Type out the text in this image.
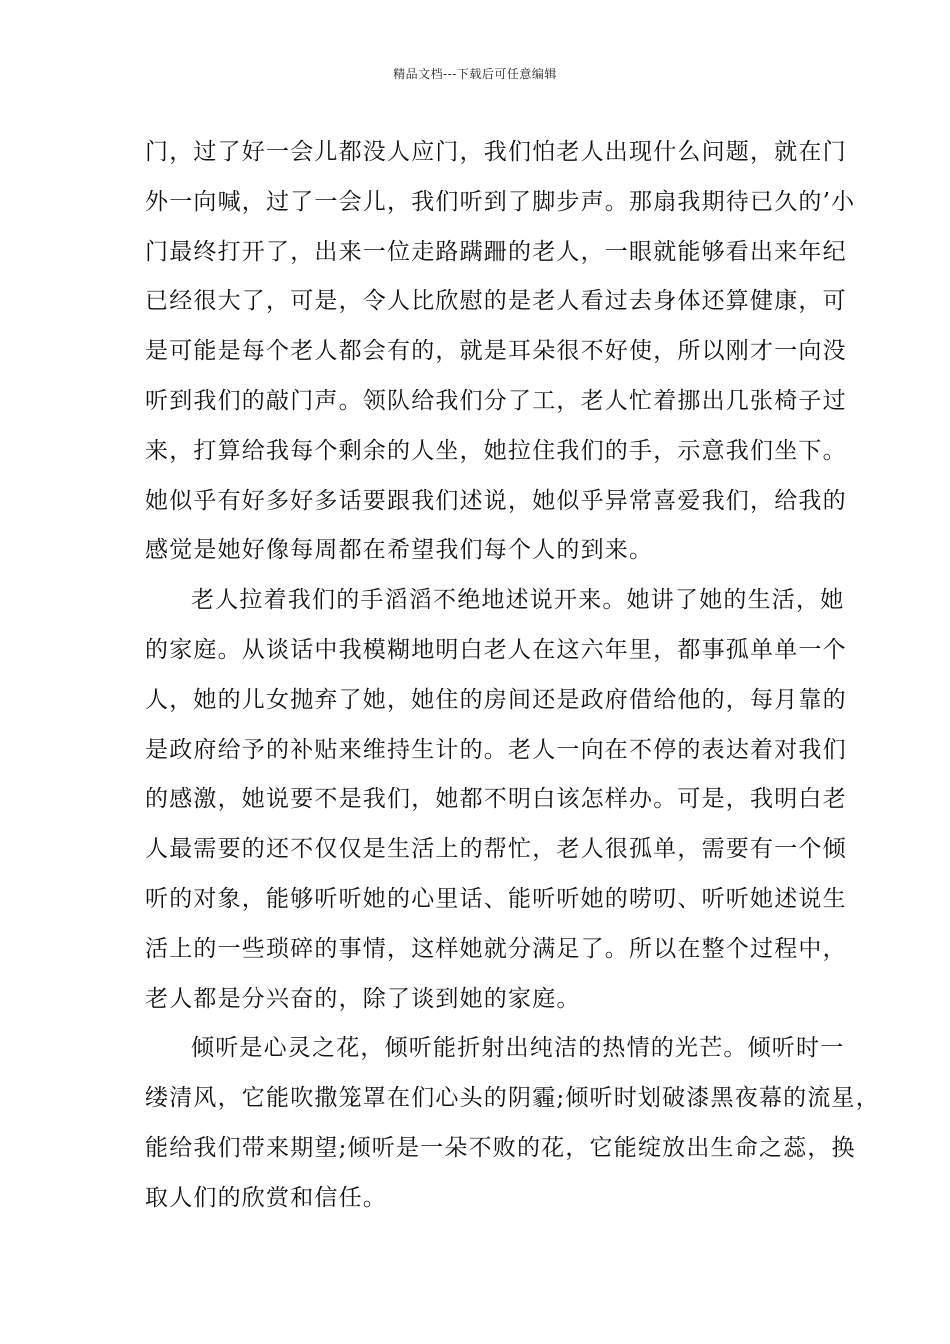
精品文档---下载后可任意编辑
门，过了好一会儿都没人应门，我们怕老人出现什么问题，就在门
外一向喊，过了一会儿，我们听到了脚步声。那扇我期待已久的’小
门最终打开了，出来一位走路蹒跚的老人，一眼就能够看出来年纪
已经很大了，可是，令人比欣慰的是老人看过去身体还算健康，可
是可能是每个老人都会有的，就是耳朵很不好使，所以刚才一向没
听到我们的敲门声。领队给我们分了工，老人忙着挪出几张椅子过
来，打算给我每个剩余的人坐，她拉住我们的手，示意我们坐下。
她似乎有好多好多话要跟我们述说，她似乎异常喜爱我们，给我的
感觉是她好像每周都在希望我们每个人的到来。
老人拉着我们的手滔滔不绝地述说开来。她讲了她的生活，她
的家庭。从谈话中我模糊地明白老人在这六年里，都事孤单单一个
人，她的儿女抛弃了她，她住的房间还是政府借给他的，每月靠的
是政府给予的补贴来维持生计的。老人一向在不停的表达着对我们
的感激，她说要不是我们，她都不明白该怎样办。可是，我明白老
人最需要的还不仅仅是生活上的帮忙，老人很孤单，需要有一个倾
听的对象，能够听听她的心里话、能听听她的唠叨、听听她述说生
活上的一些琐碎的事情，这样她就分满足了。所以在整个过程中，
老人都是分兴奋的，除了谈到她的家庭。
倾听是心灵之花，倾听能折射出纯洁的热情的光芒。倾听时一
缕清风，它能吹撒笼罩在们心头的阴霾;倾听时划破漆黑夜幕的流星，
能给我们带来期望;倾听是一朵不败的花，它能绽放出生命之蕊，换
取人们的欣赏和信任。
